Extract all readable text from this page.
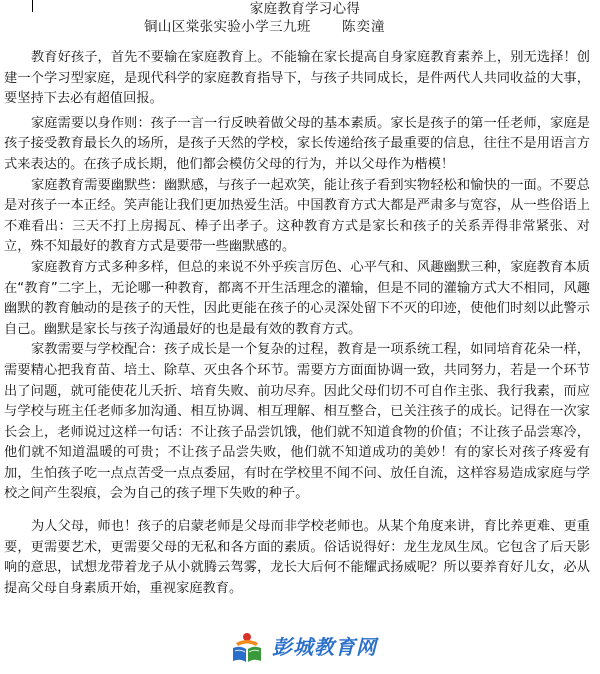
家庭教育学习心得
铜山区棠张实验小学三九班 陈奕潼

教育好孩子，首先不要输在家庭教育上。不能输在家长提高自身家庭教育素养上，别无选择！创建一个学习型家庭，是现代科学的家庭教育指导下，与孩子共同成长，是件两代人共同收益的大事，要坚持下去必有超值回报。

家庭需要以身作则：孩子一言一行反映着做父母的基本素质。家长是孩子的第一任老师，家庭是孩子接受教育最长久的场所，是孩子天然的学校，家长传递给孩子最重要的信息，往往不是用语言方式来表达的。在孩子成长期，他们都会模仿父母的行为，并以父母作为楷模！

家庭教育需要幽默些：幽默感，与孩子一起欢笑，能让孩子看到实物轻松和愉快的一面。不要总是对孩子一本正经。笑声能让我们更加热爱生活。中国教育方式大都是严肃多与宽容，从一些俗语上不难看出：三天不打上房揭瓦、棒子出孝子。这种教育方式是家长和孩子的关系弄得非常紧张、对立，殊不知最好的教育方式是要带一些幽默感的。

家庭教育方式多种多样，但总的来说不外乎疾言厉色、心平气和、风趣幽默三种，家庭教育本质在“教育”二字上，无论哪一种教育，都离不开生活理念的灌输，但是不同的灌输方式大不相同，风趣幽默的教育触动的是孩子的天性，因此更能在孩子的心灵深处留下不灭的印迹，使他们时刻以此警示自己。幽默是家长与孩子沟通最好的也是最有效的教育方式。

家教需要与学校配合：孩子成长是一个复杂的过程，教育是一项系统工程，如同培育花朵一样，需要精心把我育苗、培土、除草、灭虫各个环节。需要方方面面协调一致，共同努力，若是一个环节出了问题，就可能使花儿夭折、培育失败、前功尽弃。因此父母们切不可自作主张、我行我素，而应与学校与班主任老师多加沟通、相互协调、相互理解、相互整合，已关注孩子的成长。记得在一次家长会上，老师说过这样一句话：不让孩子品尝饥饿，他们就不知道食物的价值；不让孩子品尝寒冷，他们就不知道温暖的可贵；不让孩子品尝失败，他们就不知道成功的美妙！有的家长对孩子疼爱有加，生怕孩子吃一点点苦受一点点委屈，有时在学校里不闻不问、放任自流，这样容易造成家庭与学校之间产生裂痕，会为自己的孩子埋下失败的种子。

为人父母，师也！孩子的启蒙老师是父母而非学校老师也。从某个角度来讲，育比养更难、更重要，更需要艺术，更需要父母的无私和各方面的素质。俗话说得好：龙生龙凤生凤。它包含了后天影响的意思，试想龙带着龙子从小就腾云驾雾，龙长大后何不能耀武扬威呢？所以要养育好儿女，必从提高父母自身素质开始，重视家庭教育。

彭城教育网
